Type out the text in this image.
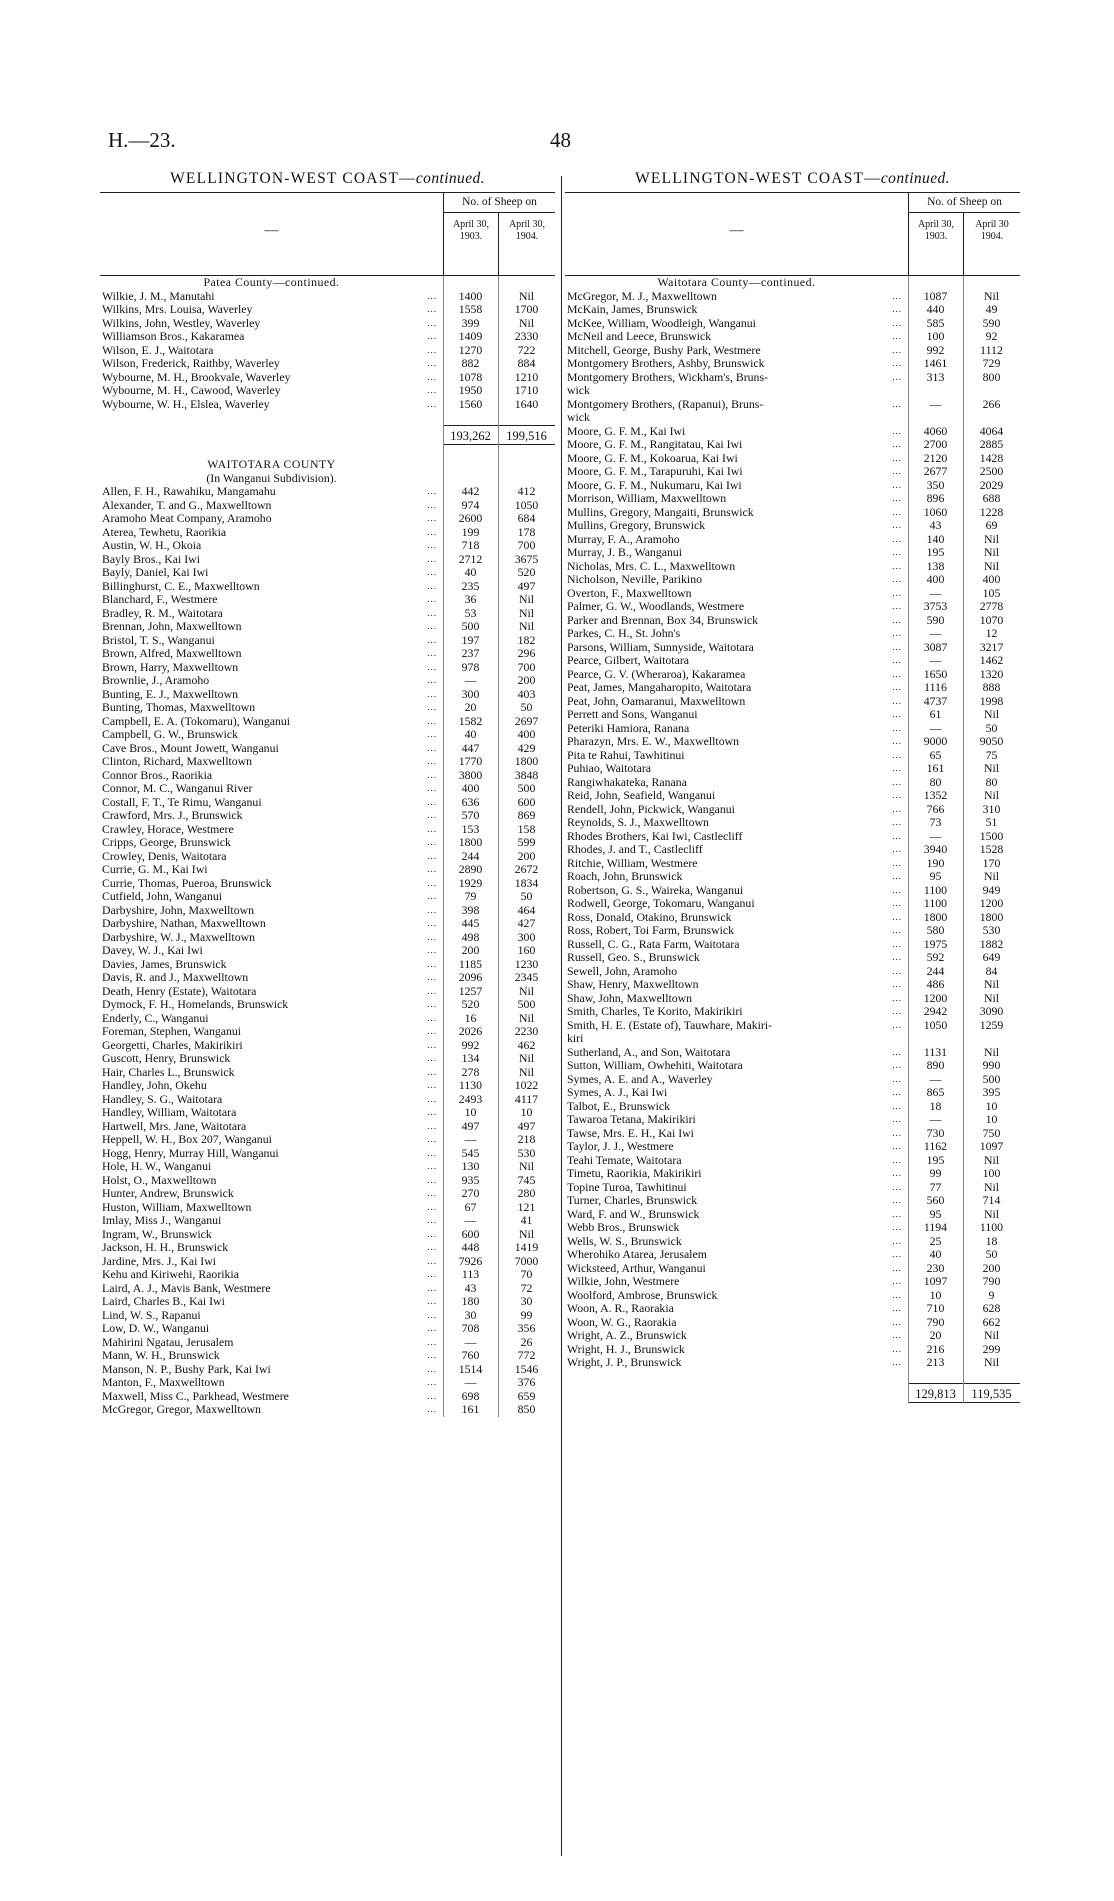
H.—23.	48
WELLINGTON-WEST COAST—continued.
—
No. of Sheep on
April 30,
1903.
April 30,
1904.
Patea County—continued.
Wilkie, J. M., Manutahi	...	1400	Nil
Wilkins, Mrs. Louisa, Waverley	...	1558	1700
Wilkins, John, Westley, Waverley	...	399	Nil
Williamson Bros., Kakaramea	...	1409	2330
Wilson, E. J., Waitotara	...	1270	722
Wilson, Frederick, Raithby, Waverley	...	882	884
Wybourne, M. H., Brookvale, Waverley	...	1078	1210
Wybourne, M. H., Cawood, Waverley	...	1950	1710
Wybourne, W. H., Elslea, Waverley	...	1560	1640
193,262	199,516
WAITOTARA COUNTY
(In Wanganui Subdivision).
Allen, F. H., Rawahiku, Mangamahu	...	442	412
Alexander, T. and G., Maxwelltown	...	974	1050
Aramoho Meat Company, Aramoho	...	2600	684
Aterea, Tewhetu, Raorikia	...	199	178
Austin, W. H., Okoia	...	718	700
Bayly Bros., Kai Iwi	...	2712	3675
Bayly, Daniel, Kai Iwi	...	40	520
Billinghurst, C. E., Maxwelltown	...	235	497
Blanchard, F., Westmere	...	36	Nil
Bradley, R. M., Waitotara	...	53	Nil
Brennan, John, Maxwelltown	...	500	Nil
Bristol, T. S., Wanganui	...	197	182
Brown, Alfred, Maxwelltown	...	237	296
Brown, Harry, Maxwelltown	...	978	700
Brownlie, J., Aramoho	...	—	200
Bunting, E. J., Maxwelltown	...	300	403
Bunting, Thomas, Maxwelltown	...	20	50
Campbell, E. A. (Tokomaru), Wanganui	...	1582	2697
Campbell, G. W., Brunswick	...	40	400
Cave Bros., Mount Jowett, Wanganui	...	447	429
Clinton, Richard, Maxwelltown	...	1770	1800
Connor Bros., Raorikia	...	3800	3848
Connor, M. C., Wanganui River	...	400	500
Costall, F. T., Te Rimu, Wanganui	...	636	600
Crawford, Mrs. J., Brunswick	...	570	869
Crawley, Horace, Westmere	...	153	158
Cripps, George, Brunswick	...	1800	599
Crowley, Denis, Waitotara	...	244	200
Currie, G. M., Kai Iwi	...	2890	2672
Currie, Thomas, Pueroa, Brunswick	...	1929	1834
Cutfield, John, Wanganui	...	79	50
Darbyshire, John, Maxwelltown	...	398	464
Darbyshire, Nathan, Maxwelltown	...	445	427
Darbyshire, W. J., Maxwelltown	...	498	300
Davey, W. J., Kai Iwi	...	200	160
Davies, James, Brunswick	...	1185	1230
Davis, R. and J., Maxwelltown	...	2096	2345
Death, Henry (Estate), Waitotara	...	1257	Nil
Dymock, F. H., Homelands, Brunswick	...	520	500
Enderly, C., Wanganui	...	16	Nil
Foreman, Stephen, Wanganui	...	2026	2230
Georgetti, Charles, Makirikiri	...	992	462
Guscott, Henry, Brunswick	...	134	Nil
Hair, Charles L., Brunswick	...	278	Nil
Handley, John, Okehu	...	1130	1022
Handley, S. G., Waitotara	...	2493	4117
Handley, William, Waitotara	...	10	10
Hartwell, Mrs. Jane, Waitotara	...	497	497
Heppell, W. H., Box 207, Wanganui	...	—	218
Hogg, Henry, Murray Hill, Wanganui	...	545	530
Hole, H. W., Wanganui	...	130	Nil
Holst, O., Maxwelltown	...	935	745
Hunter, Andrew, Brunswick	...	270	280
Huston, William, Maxwelltown	...	67	121
Imlay, Miss J., Wanganui	...	—	41
Ingram, W., Brunswick	...	600	Nil
Jackson, H. H., Brunswick	...	448	1419
Jardine, Mrs. J., Kai Iwi	...	7926	7000
Kehu and Kiriwehi, Raorikia	...	113	70
Laird, A. J., Mavis Bank, Westmere	...	43	72
Laird, Charles B., Kai Iwi	...	180	30
Lind, W. S., Rapanui	...	30	99
Low, D. W., Wanganui	...	708	356
Mahirini Ngatau, Jerusalem	...	—	26
Mann, W. H., Brunswick	...	760	772
Manson, N. P., Bushy Park, Kai Iwi	...	1514	1546
Manton, F., Maxwelltown	...	—	376
Maxwell, Miss C., Parkhead, Westmere	...	698	659
McGregor, Gregor, Maxwelltown	...	161	850
WELLINGTON-WEST COAST—continued.
—
No. of Sheep on
April 30,
1903.
April 30
1904.
Waitotara County—continued.
McGregor, M. J., Maxwelltown	...	1087	Nil
McKain, James, Brunswick	...	440	49
McKee, William, Woodleigh, Wanganui	...	585	590
McNeil and Leece, Brunswick	...	100	92
Mitchell, George, Bushy Park, Westmere	...	992	1112
Montgomery Brothers, Ashby, Brunswick	...	1461	729
Montgomery Brothers, Wickham's, Bruns-	...	313	800
wick
Montgomery Brothers, (Rapanui), Bruns-	...	—	266
wick
Moore, G. F. M., Kai Iwi	...	4060	4064
Moore, G. F. M., Rangitatau, Kai Iwi	...	2700	2885
Moore, G. F. M., Kokoarua, Kai Iwi	...	2120	1428
Moore, G. F. M., Tarapuruhi, Kai Iwi	...	2677	2500
Moore, G. F. M., Nukumaru, Kai Iwi	...	350	2029
Morrison, William, Maxwelltown	...	896	688
Mullins, Gregory, Mangaiti, Brunswick	...	1060	1228
Mullins, Gregory, Brunswick	...	43	69
Murray, F. A., Aramoho	...	140	Nil
Murray, J. B., Wanganui	...	195	Nil
Nicholas, Mrs. C. L., Maxwelltown	...	138	Nil
Nicholson, Neville, Parikino	...	400	400
Overton, F., Maxwelltown	...	—	105
Palmer, G. W., Woodlands, Westmere	...	3753	2778
Parker and Brennan, Box 34, Brunswick	...	590	1070
Parkes, C. H., St. John's	...	—	12
Parsons, William, Sunnyside, Waitotara	...	3087	3217
Pearce, Gilbert, Waitotara	...	—	1462
Pearce, G. V. (Wheraroa), Kakaramea	...	1650	1320
Peat, James, Mangaharopito, Waitotara	...	1116	888
Peat, John, Oamaranui, Maxwelltown	...	4737	1998
Perrett and Sons, Wanganui	...	61	Nil
Peteriki Hamiora, Ranana	...	—	50
Pharazyn, Mrs. E. W., Maxwelltown	...	9000	9050
Pita te Rahui, Tawhitinui	...	65	75
Puhiao, Waitotara	...	161	Nil
Rangiwhakateka, Ranana	...	80	80
Reid, John, Seafield, Wanganui	...	1352	Nil
Rendell, John, Pickwick, Wanganui	...	766	310
Reynolds, S. J., Maxwelltown	...	73	51
Rhodes Brothers, Kai Iwi, Castlecliff	...	—	1500
Rhodes, J. and T., Castlecliff	...	3940	1528
Ritchie, William, Westmere	...	190	170
Roach, John, Brunswick	...	95	Nil
Robertson, G. S., Waireka, Wanganui	...	1100	949
Rodwell, George, Tokomaru, Wanganui	...	1100	1200
Ross, Donald, Otakino, Brunswick	...	1800	1800
Ross, Robert, Toi Farm, Brunswick	...	580	530
Russell, C. G., Rata Farm, Waitotara	...	1975	1882
Russell, Geo. S., Brunswick	...	592	649
Sewell, John, Aramoho	...	244	84
Shaw, Henry, Maxwelltown	...	486	Nil
Shaw, John, Maxwelltown	...	1200	Nil
Smith, Charles, Te Korito, Makirikiri	...	2942	3090
Smith, H. E. (Estate of), Tauwhare, Makiri-	...	1050	1259
kiri
Sutherland, A., and Son, Waitotara	...	1131	Nil
Sutton, William, Owhehiti, Waitotara	...	890	990
Symes, A. E. and A., Waverley	...	—	500
Symes, A. J., Kai Iwi	...	865	395
Talbot, E., Brunswick	...	18	10
Tawaroa Tetana, Makirikiri	...	—	10
Tawse, Mrs. E. H., Kai Iwi	...	730	750
Taylor, J. J., Westmere	...	1162	1097
Teahi Temate, Waitotara	...	195	Nil
Timetu, Raorikia, Makirikiri	...	99	100
Topine Turoa, Tawhitinui	...	77	Nil
Turner, Charles, Brunswick	...	560	714
Ward, F. and W., Brunswick	...	95	Nil
Webb Bros., Brunswick	...	1194	1100
Wells, W. S., Brunswick	...	25	18
Wherohiko Atarea, Jerusalem	...	40	50
Wicksteed, Arthur, Wanganui	...	230	200
Wilkie, John, Westmere	...	1097	790
Woolford, Ambrose, Brunswick	...	10	9
Woon, A. R., Raorakia	...	710	628
Woon, W. G., Raorakia	...	790	662
Wright, A. Z., Brunswick	...	20	Nil
Wright, H. J., Brunswick	...	216	299
Wright, J. P., Brunswick	...	213	Nil
129,813	119,535
